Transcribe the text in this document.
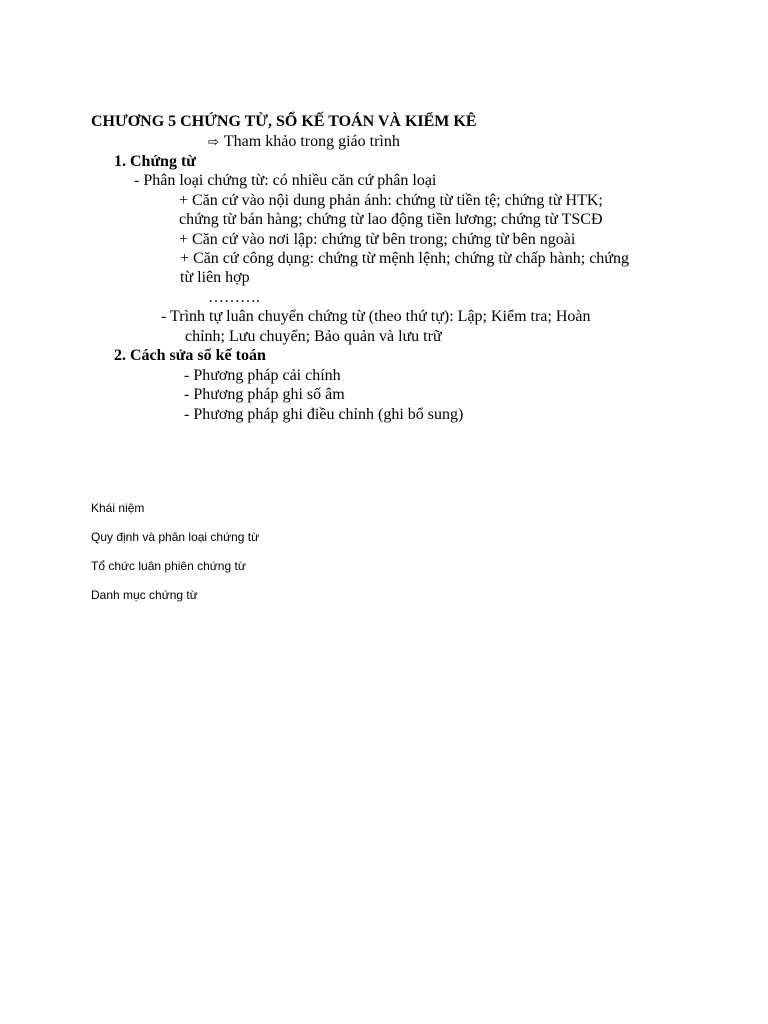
CHƯƠNG 5 CHỨNG TỪ, SỔ KẾ TOÁN VÀ KIỂM KÊ
⇨ Tham khảo trong giáo trình
1. Chứng từ
- Phân loại chứng từ: có nhiều căn cứ phân loại
+ Căn cứ vào nội dung phản ánh: chứng từ tiền tệ; chứng từ HTK;
chứng từ bán hàng; chứng từ lao động tiền lương; chứng từ TSCĐ
+ Căn cứ vào nơi lập: chứng từ bên trong; chứng từ bên ngoài
+ Căn cứ công dụng: chứng từ mệnh lệnh; chứng từ chấp hành; chứng
từ liên hợp
……….
- Trình tự luân chuyển chứng từ (theo thứ tự): Lập; Kiểm tra; Hoàn
chỉnh; Lưu chuyển; Bảo quản và lưu trữ
2. Cách sửa sổ kế toán
- Phương pháp cải chính
- Phương pháp ghi số âm
- Phương pháp ghi điều chỉnh (ghi bổ sung)
Khái niệm
Quy định và phân loại chứng từ
Tổ chức luân phiên chứng từ
Danh mục chứng từ
